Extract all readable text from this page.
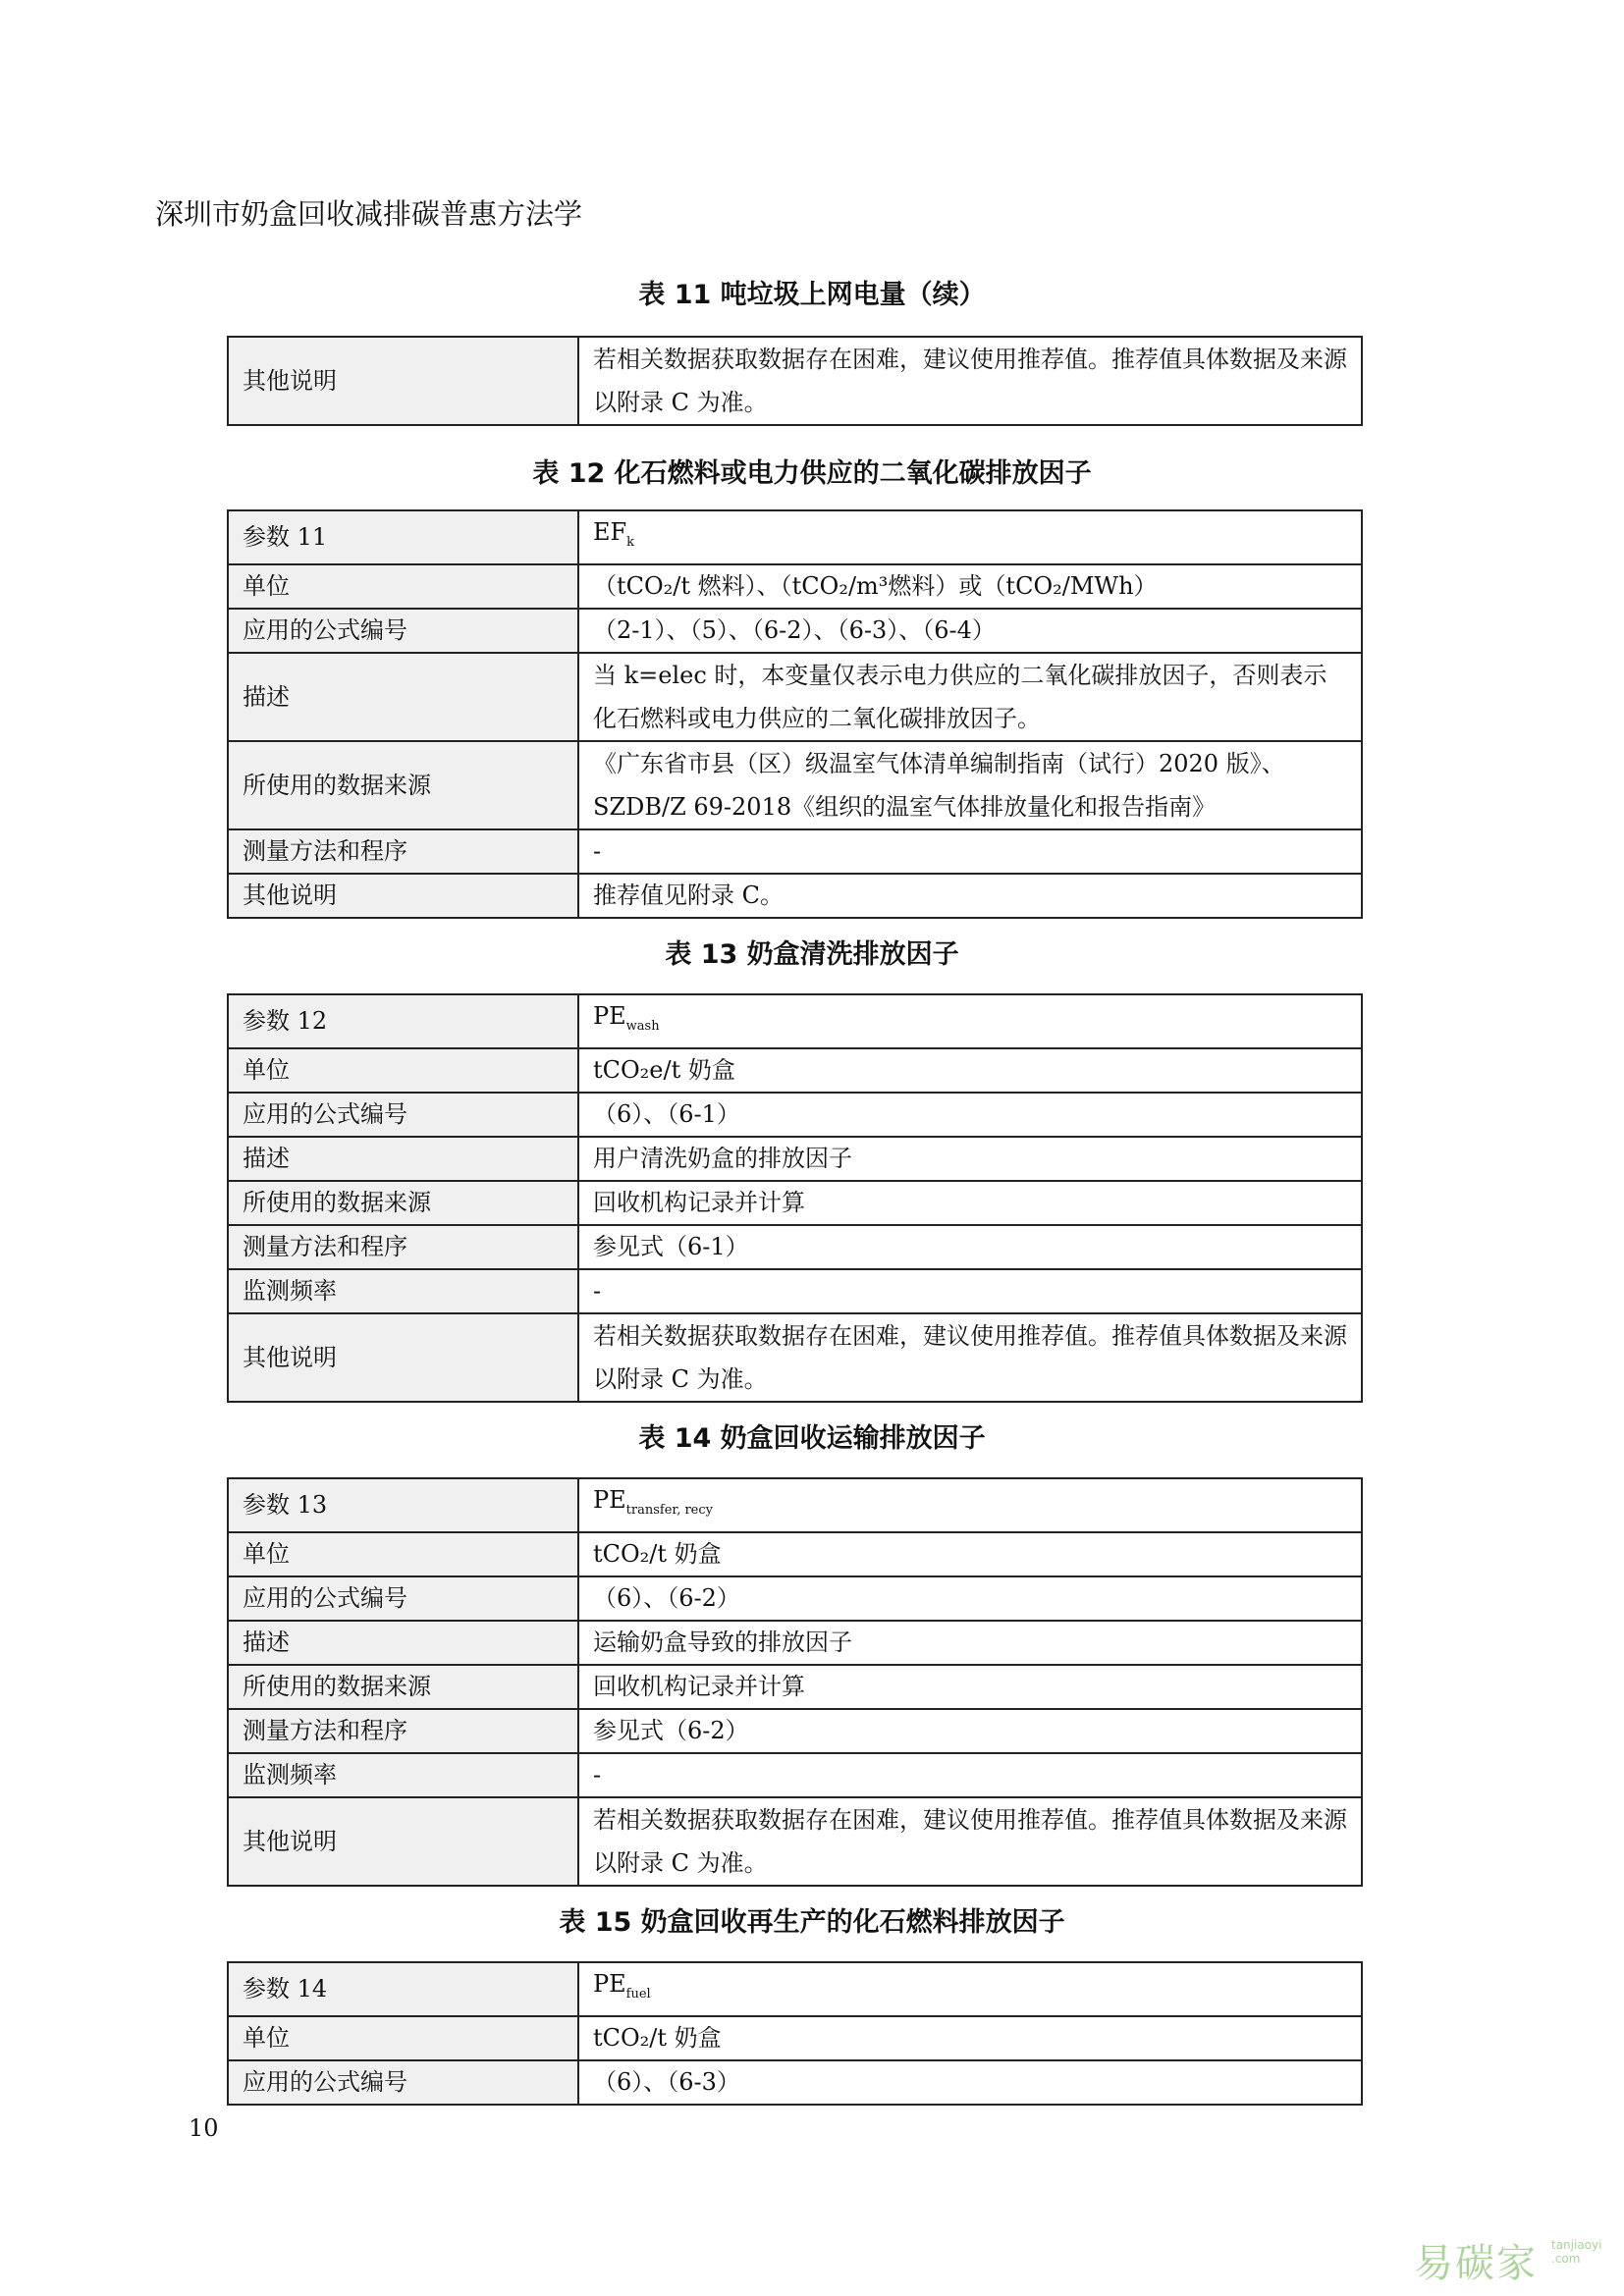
深圳市奶盒回收减排碳普惠方法学
表 11 吨垃圾上网电量（续）
其他说明	若相关数据获取数据存在困难，建议使用推荐值。推荐值具体数据及来源以附录 C 为准。
表 12 化石燃料或电力供应的二氧化碳排放因子
参数 11	$EF_k$
单位	（tCO₂/t 燃料）、（tCO₂/m³燃料）或（tCO₂/MWh）
应用的公式编号	（2-1）、（5）、（6-2）、（6-3）、（6-4）
描述	当 k=elec 时，本变量仅表示电力供应的二氧化碳排放因子，否则表示化石燃料或电力供应的二氧化碳排放因子。
所使用的数据来源	《广东省市县（区）级温室气体清单编制指南（试行）2020 版》、SZDB/Z 69-2018《组织的温室气体排放量化和报告指南》
测量方法和程序	-
其他说明	推荐值见附录 C。
表 13 奶盒清洗排放因子
参数 12	$PE_{wash}$
单位	tCO₂e/t 奶盒
应用的公式编号	（6）、（6-1）
描述	用户清洗奶盒的排放因子
所使用的数据来源	回收机构记录并计算
测量方法和程序	参见式（6-1）
监测频率	-
其他说明	若相关数据获取数据存在困难，建议使用推荐值。推荐值具体数据及来源以附录 C 为准。
表 14 奶盒回收运输排放因子
参数 13	$PE_{transfer, recy}$
单位	tCO₂/t 奶盒
应用的公式编号	（6）、（6-2）
描述	运输奶盒导致的排放因子
所使用的数据来源	回收机构记录并计算
测量方法和程序	参见式（6-2）
监测频率	-
其他说明	若相关数据获取数据存在困难，建议使用推荐值。推荐值具体数据及来源以附录 C 为准。
表 15 奶盒回收再生产的化石燃料排放因子
参数 14	$PE_{fuel}$
单位	tCO₂/t 奶盒
应用的公式编号	（6）、（6-3）
10
易碳家 tanjiaoyi .com
